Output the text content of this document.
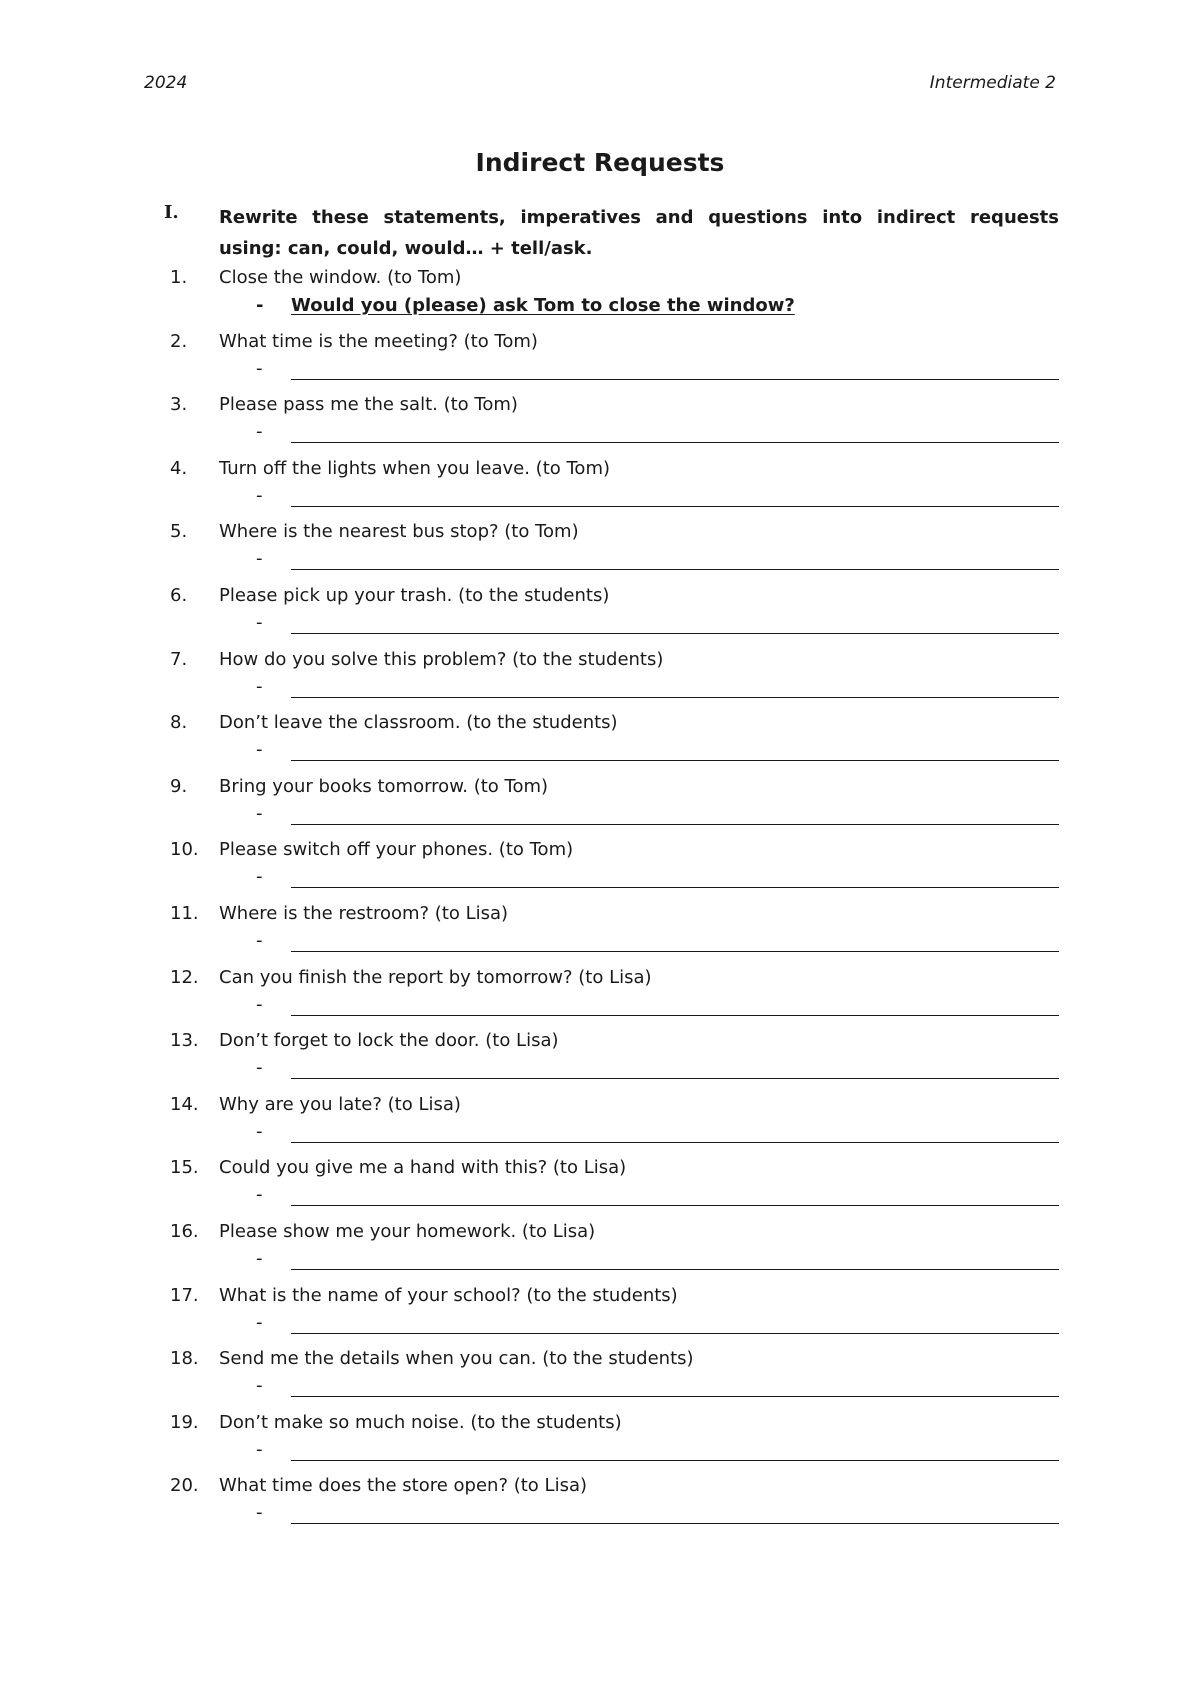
2024	Intermediate 2
Indirect Requests
I. Rewrite these statements, imperatives and questions into indirect requests using: can, could, would… + tell/ask.
1.	Close the window. (to Tom)
- Would you (please) ask Tom to close the window?
2.	What time is the meeting? (to Tom)
-
3.	Please pass me the salt. (to Tom)
-
4.	Turn off the lights when you leave. (to Tom)
-
5.	Where is the nearest bus stop? (to Tom)
-
6.	Please pick up your trash. (to the students)
-
7.	How do you solve this problem? (to the students)
-
8.	Don’t leave the classroom. (to the students)
-
9.	Bring your books tomorrow. (to Tom)
-
10.	Please switch off your phones. (to Tom)
-
11.	Where is the restroom? (to Lisa)
-
12.	Can you finish the report by tomorrow? (to Lisa)
-
13.	Don’t forget to lock the door. (to Lisa)
-
14.	Why are you late? (to Lisa)
-
15.	Could you give me a hand with this? (to Lisa)
-
16.	Please show me your homework. (to Lisa)
-
17.	What is the name of your school? (to the students)
-
18.	Send me the details when you can. (to the students)
-
19.	Don’t make so much noise. (to the students)
-
20.	What time does the store open? (to Lisa)
-
